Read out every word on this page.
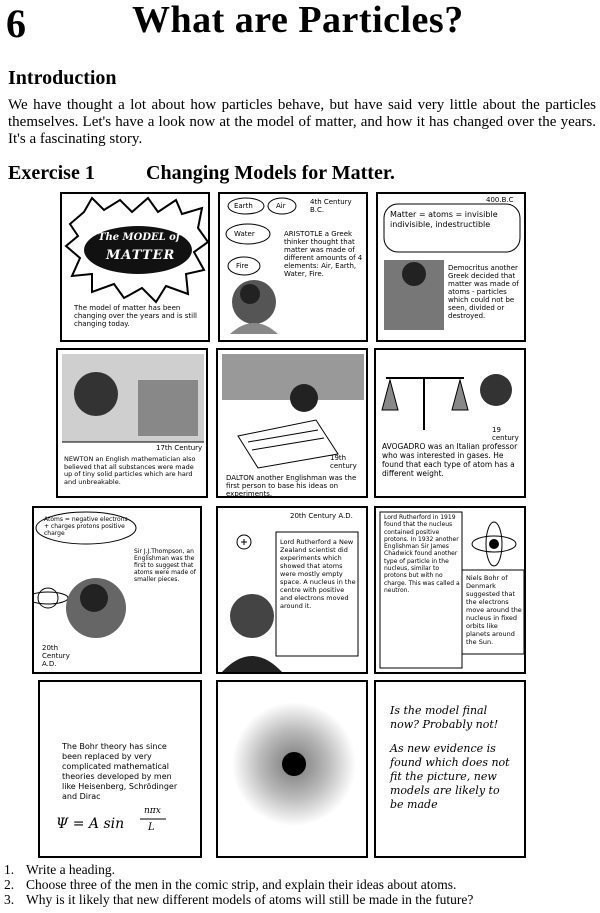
6	What are Particles?
Introduction
We have thought a lot about how particles behave, but have said very little about the particles themselves. Let's have a look now at the model of matter, and how it has changed over the years. It's a fascinating story.
Exercise 1	Changing Models for Matter.
The MODEL of
MATTER
The model of matter has been changing over the years and is still changing today.
4th Century B.C.
Earth	Air
Water
Fire
ARISTOTLE a Greek thinker thought that matter was made of different amounts of 4 elements: Air, Earth, Water, Fire.
400.B.C
Matter = atoms = invisible indivisible, indestructible
Democritus another Greek decided that matter was made of atoms - particles which could not be seen, divided or destroyed.
17th Century
NEWTON an English mathematician also believed that all substances were made up of tiny solid particles which are hard and unbreakable.
19th century
DALTON another Englishman was the first person to base his ideas on experiments.
19 century
AVOGADRO was an Italian professor who was interested in gases. He found that each type of atom has a different weight.
Atoms = negative electrons + charges protons positive charge
Sir J.J.Thompson, an Englishman was the first to suggest that atoms were made of smaller pieces.
20th Century A.D.
20th Century A.D.
Lord Rutherford a New Zealand scientist did experiments which showed that atoms were mostly empty space. A nucleus in the centre with positive and electrons moved around it.
Lord Rutherford in 1919 found that the nucleus contained positive protons. In 1932 another Englishman Sir James Chadwick found another type of particle in the nucleus, similar to protons but with no charge. This was called a neutron.
Niels Bohr of Denmark suggested that the electrons move around the nucleus in fixed orbits like planets around the Sun.
The Bohr theory has since been replaced by very complicated mathematical theories developed by men like Heisenberg, Schrödinger and Dirac
Ψ = A sin
nπx
L
Is the model final now? Probably not!
As new evidence is found which does not fit the picture, new models are likely to be made
1. Write a heading.
2. Choose three of the men in the comic strip, and explain their ideas about atoms.
3. Why is it likely that new different models of atoms will still be made in the future?
